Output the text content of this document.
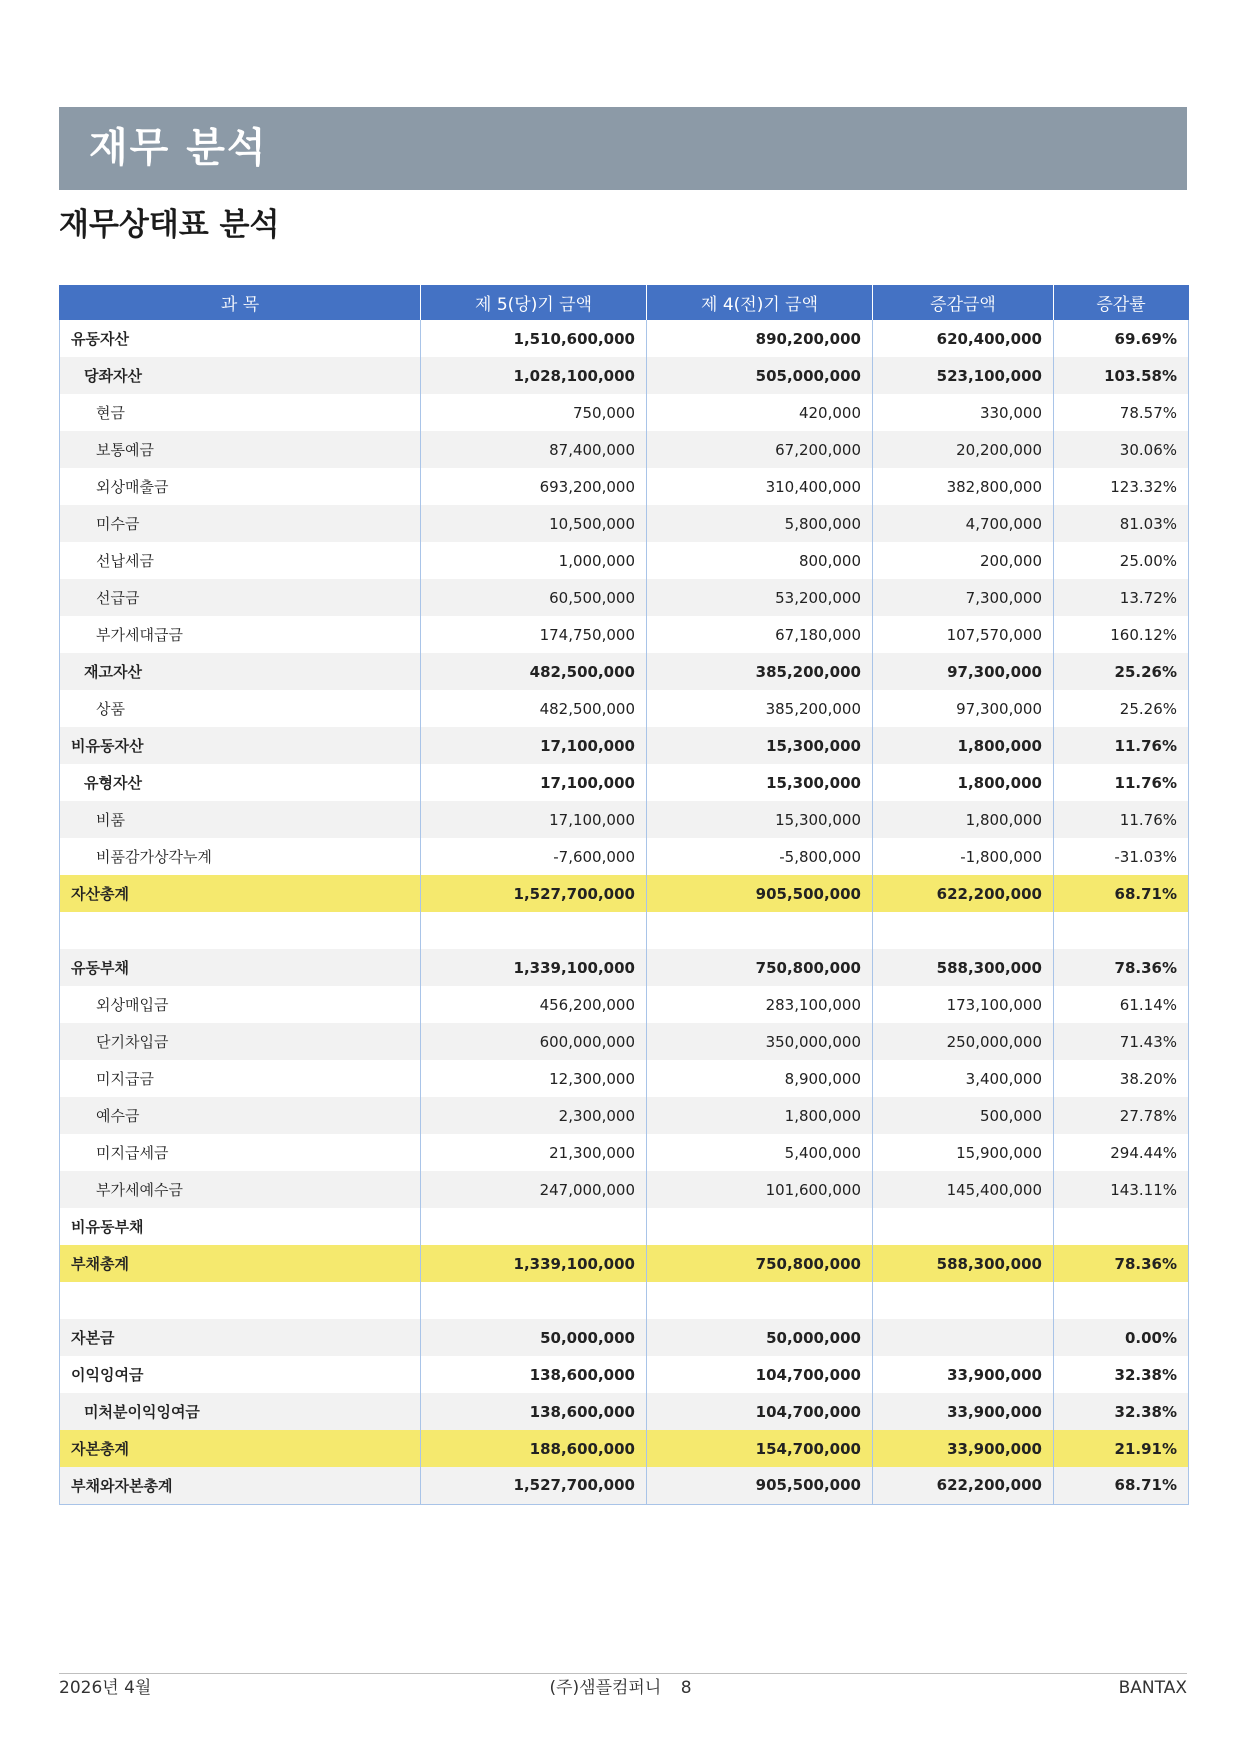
재무 분석
재무상태표 분석
과 목	제 5(당)기 금액	제 4(전)기 금액	증감금액	증감률
유동자산	1,510,600,000	890,200,000	620,400,000	69.69%
당좌자산	1,028,100,000	505,000,000	523,100,000	103.58%
현금	750,000	420,000	330,000	78.57%
보통예금	87,400,000	67,200,000	20,200,000	30.06%
외상매출금	693,200,000	310,400,000	382,800,000	123.32%
미수금	10,500,000	5,800,000	4,700,000	81.03%
선납세금	1,000,000	800,000	200,000	25.00%
선급금	60,500,000	53,200,000	7,300,000	13.72%
부가세대급금	174,750,000	67,180,000	107,570,000	160.12%
재고자산	482,500,000	385,200,000	97,300,000	25.26%
상품	482,500,000	385,200,000	97,300,000	25.26%
비유동자산	17,100,000	15,300,000	1,800,000	11.76%
유형자산	17,100,000	15,300,000	1,800,000	11.76%
비품	17,100,000	15,300,000	1,800,000	11.76%
비품감가상각누계	-7,600,000	-5,800,000	-1,800,000	-31.03%
자산총계	1,527,700,000	905,500,000	622,200,000	68.71%

유동부채	1,339,100,000	750,800,000	588,300,000	78.36%
외상매입금	456,200,000	283,100,000	173,100,000	61.14%
단기차입금	600,000,000	350,000,000	250,000,000	71.43%
미지급금	12,300,000	8,900,000	3,400,000	38.20%
예수금	2,300,000	1,800,000	500,000	27.78%
미지급세금	21,300,000	5,400,000	15,900,000	294.44%
부가세예수금	247,000,000	101,600,000	145,400,000	143.11%
비유동부채				
부채총계	1,339,100,000	750,800,000	588,300,000	78.36%

자본금	50,000,000	50,000,000		0.00%
이익잉여금	138,600,000	104,700,000	33,900,000	32.38%
미처분이익잉여금	138,600,000	104,700,000	33,900,000	32.38%
자본총계	188,600,000	154,700,000	33,900,000	21.91%
부채와자본총계	1,527,700,000	905,500,000	622,200,000	68.71%
2026년 4월	(주)샘플컴퍼니 8	BANTAX
